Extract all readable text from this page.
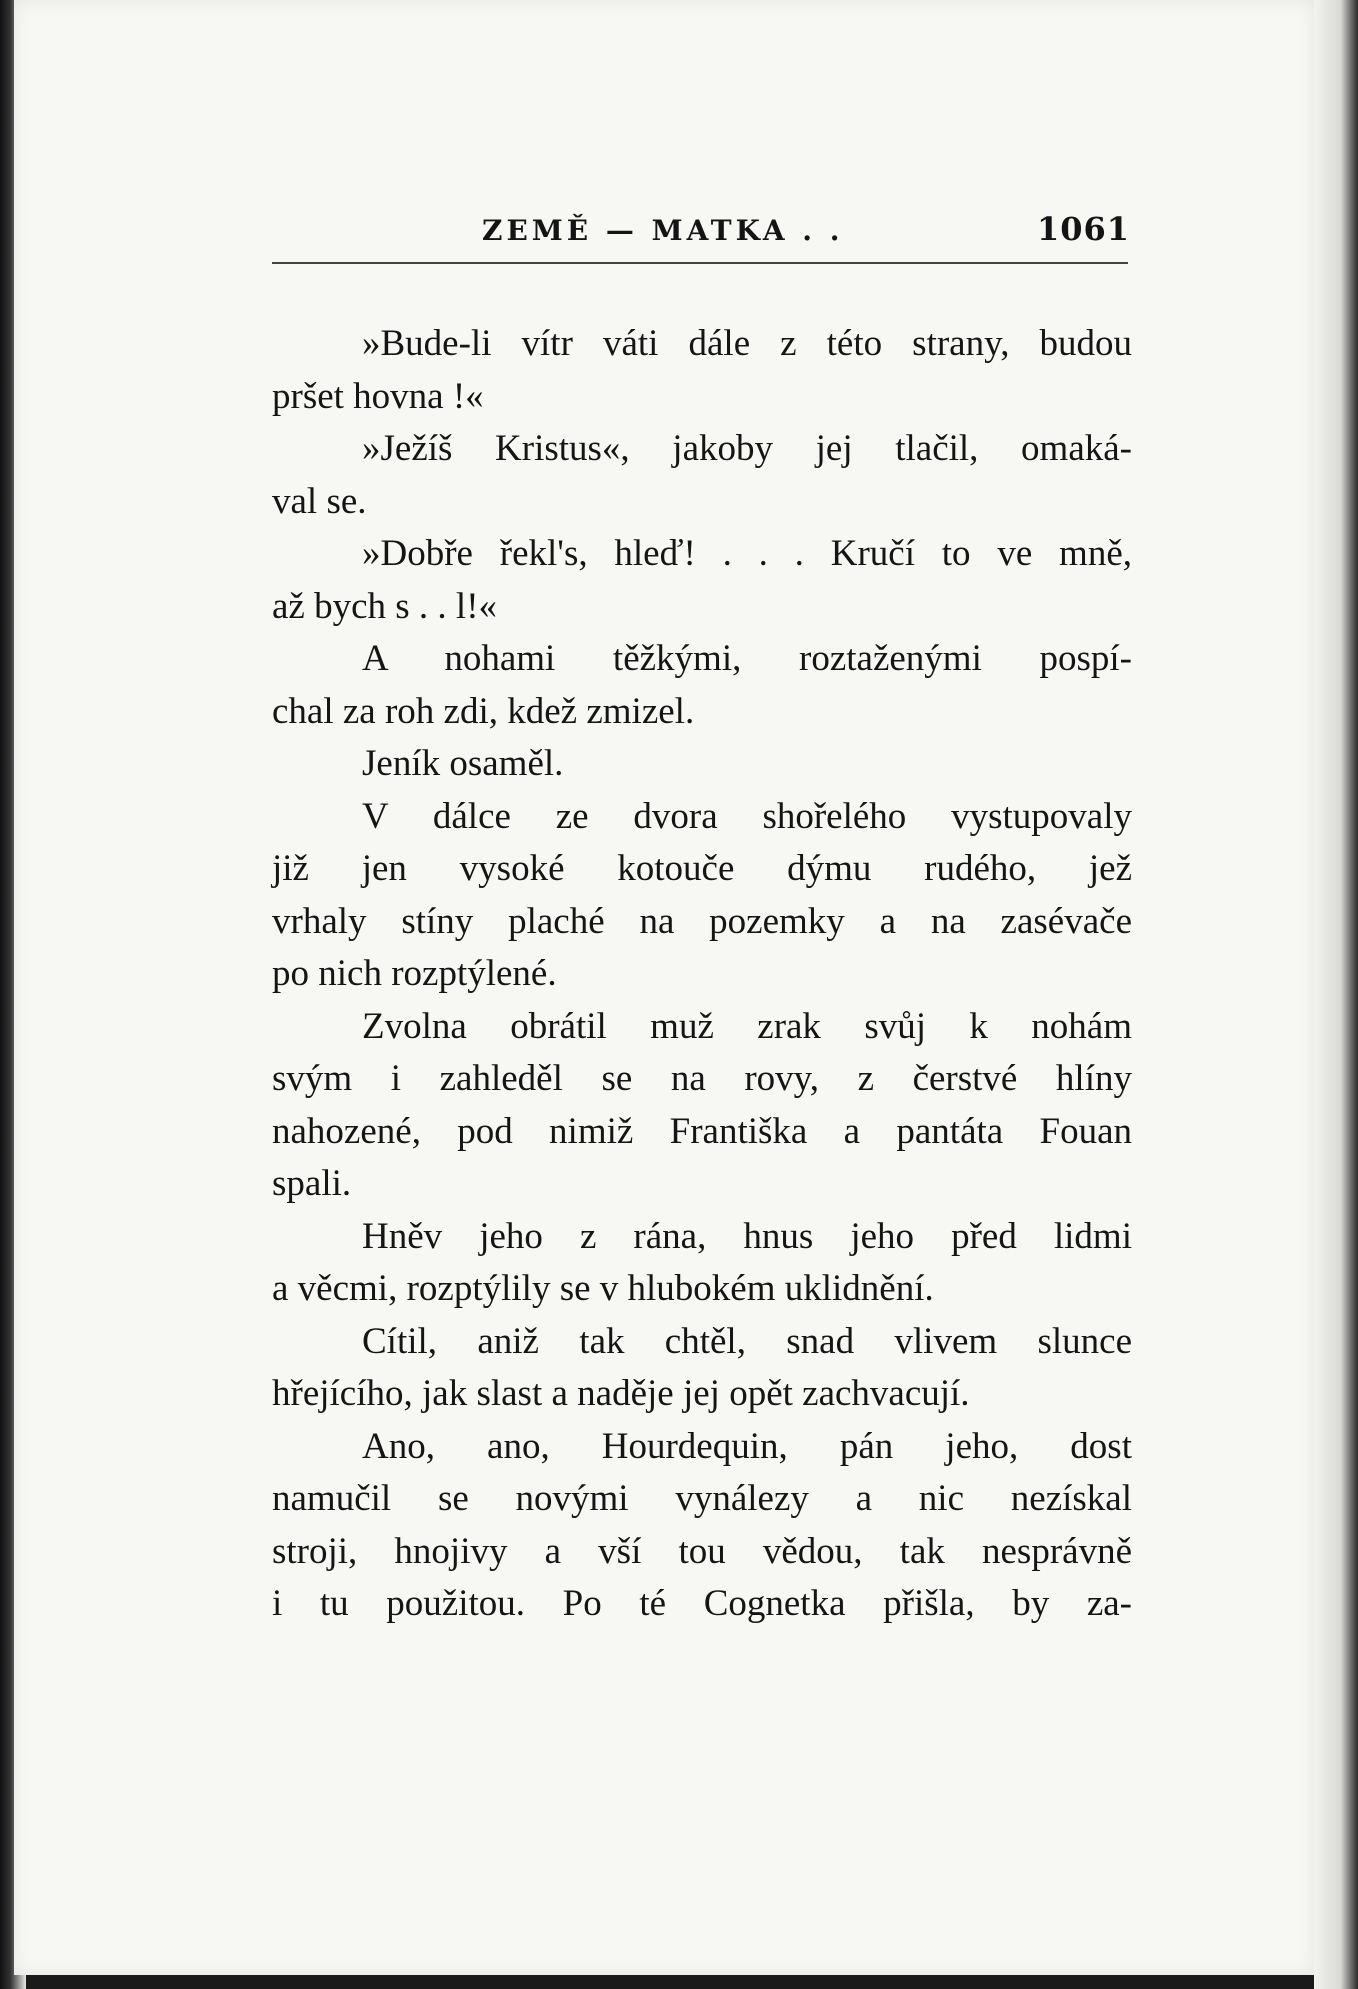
ZEMĚ — MATKA . .	1061
»Bude-li vítr váti dále z této strany, budou
pršet hovna !«
»Ježíš Kristus«, jakoby jej tlačil, omaká-
val se.
»Dobře řekl's, hleď! . . . Kručí to ve mně,
až bych s . . l!«
A nohami těžkými, roztaženými pospí-
chal za roh zdi, kdež zmizel.
Jeník osaměl.
V dálce ze dvora shořelého vystupovaly
již jen vysoké kotouče dýmu rudého, jež
vrhaly stíny plaché na pozemky a na zasévače
po nich rozptýlené.
Zvolna obrátil muž zrak svůj k nohám
svým i zahleděl se na rovy, z čerstvé hlíny
nahozené, pod nimiž Františka a pantáta Fouan
spali.
Hněv jeho z rána, hnus jeho před lidmi
a věcmi, rozptýlily se v hlubokém uklidnění.
Cítil, aniž tak chtěl, snad vlivem slunce
hřejícího, jak slast a naděje jej opět zachvacují.
Ano, ano, Hourdequin, pán jeho, dost
namučil se novými vynálezy a nic nezískal
stroji, hnojivy a vší tou vědou, tak nesprávně
i tu použitou. Po té Cognetka přišla, by za-
